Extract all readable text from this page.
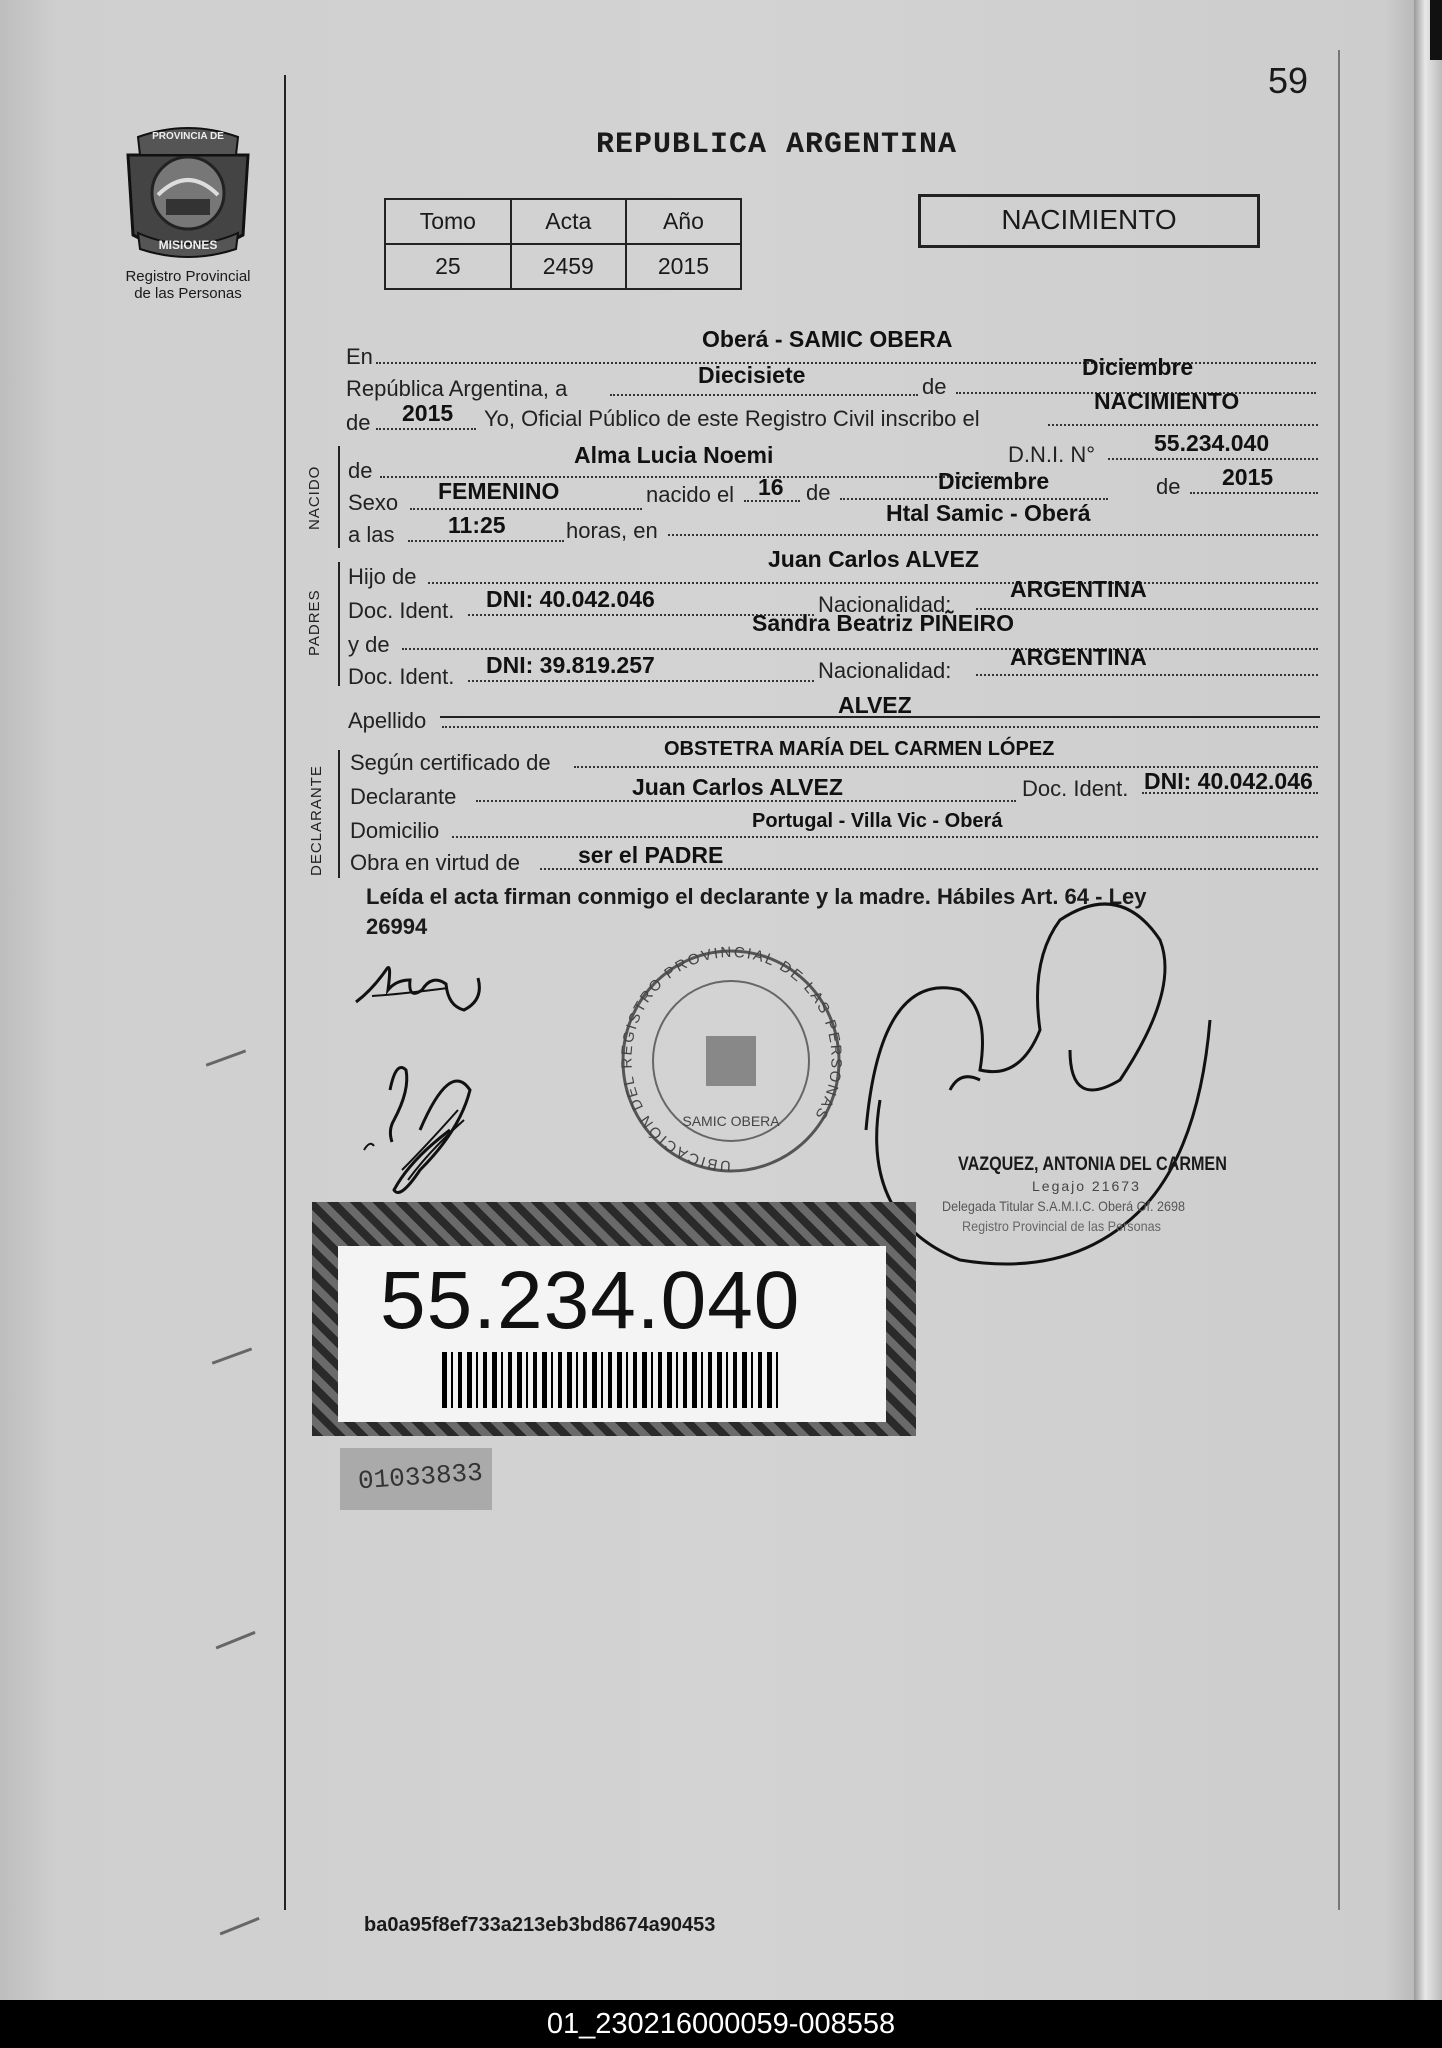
59
PROVINCIA DE
MISIONES
Registro Provincial
de las Personas
REPUBLICA ARGENTINA
Tomo	Acta	Año
25	2459	2015
NACIMIENTO
En
Oberá - SAMIC OBERA
República Argentina, a
Diecisiete	de
Diciembre
de 2015 Yo, Oficial Público de este Registro Civil inscribo el
NACIMIENTO
NACIDO de
Alma Lucia Noemi	D.N.I. N°	55.234.040
Sexo FEMENINO	nacido el 16 de	Diciembre	de 2015
a las 11:25	horas, en
Htal Samic - Oberá
PADRES
Hijo de
Juan Carlos ALVEZ
Doc. Ident. DNI: 40.042.046	Nacionalidad:
ARGENTINA
y de
Sandra Beatriz PIÑEIRO
Doc. Ident. DNI: 39.819.257	Nacionalidad:
ARGENTINA
Apellido
ALVEZ
DECLARANTE
Según certificado de
OBSTETRA MARÍA DEL CARMEN LÓPEZ
Declarante	Juan Carlos ALVEZ	Doc. Ident. DNI: 40.042.046
Domicilio	Portugal - Villa Vic - Oberá
Obra en virtud de	ser el PADRE
Leída el acta firman conmigo el declarante y la madre. Hábiles Art. 64 - Ley
26994
UBICACIÓN DEL REGISTRO PROVINCIAL DE LAS PERSONAS
SAMIC OBERA
VAZQUEZ, ANTONIA DEL CARMEN
Legajo 21673
Delegada Titular S.A.M.I.C. Oberá Of. 2698
Registro Provincial de las Personas
55.234.040
01033833
ba0a95f8ef733a213eb3bd8674a90453
01_230216000059-008558
